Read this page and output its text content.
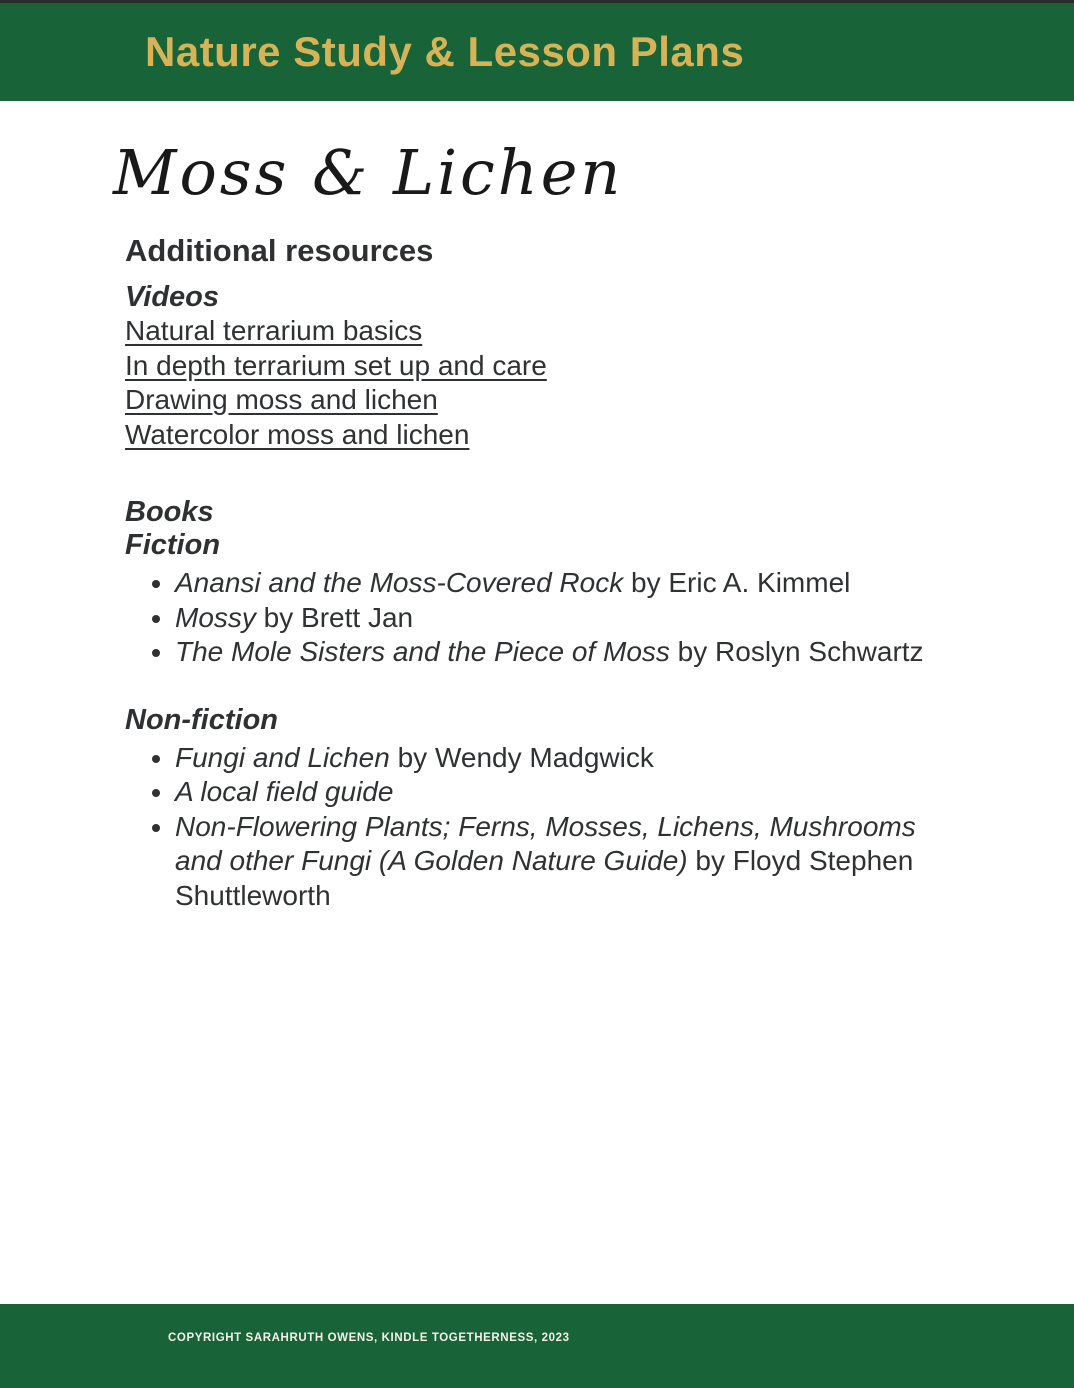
Nature Study & Lesson Plans
Moss & Lichen
Additional resources
Videos
Natural terrarium basics
In depth terrarium set up and care
Drawing moss and lichen
Watercolor moss and lichen
Books
Fiction
• Anansi and the Moss-Covered Rock by Eric A. Kimmel
• Mossy by Brett Jan
• The Mole Sisters and the Piece of Moss by Roslyn Schwartz
Non-fiction
• Fungi and Lichen by Wendy Madgwick
• A local field guide
• Non-Flowering Plants; Ferns, Mosses, Lichens, Mushrooms and other Fungi (A Golden Nature Guide) by Floyd Stephen Shuttleworth
COPYRIGHT SARAHRUTH OWENS, KINDLE TOGETHERNESS, 2023
